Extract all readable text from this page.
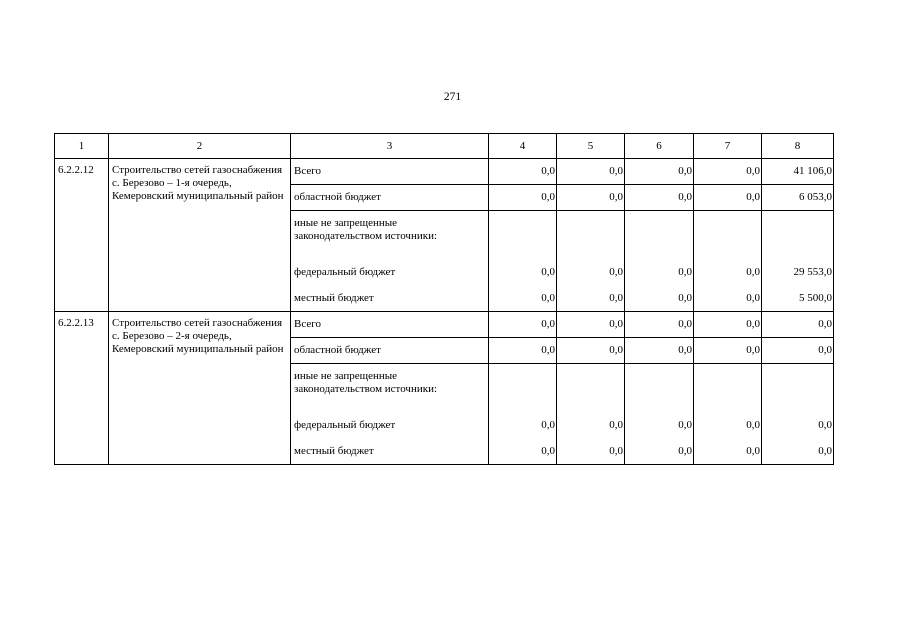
271
1	2	3	4	5	6	7	8
6.2.2.12	Строительство сетей газоснабжения с. Березово – 1-я очередь, Кемеровский муниципальный район	Всего	0,0	0,0	0,0	0,0	41 106,0
		областной бюджет	0,0	0,0	0,0	0,0	6 053,0
		иные не запрещенные законодательством источники:					
		федеральный бюджет	0,0	0,0	0,0	0,0	29 553,0
		местный бюджет	0,0	0,0	0,0	0,0	5 500,0
6.2.2.13	Строительство сетей газоснабжения с. Березово – 2-я очередь, Кемеровский муниципальный район	Всего	0,0	0,0	0,0	0,0	0,0
		областной бюджет	0,0	0,0	0,0	0,0	0,0
		иные не запрещенные законодательством источники:					
		федеральный бюджет	0,0	0,0	0,0	0,0	0,0
		местный бюджет	0,0	0,0	0,0	0,0	0,0
